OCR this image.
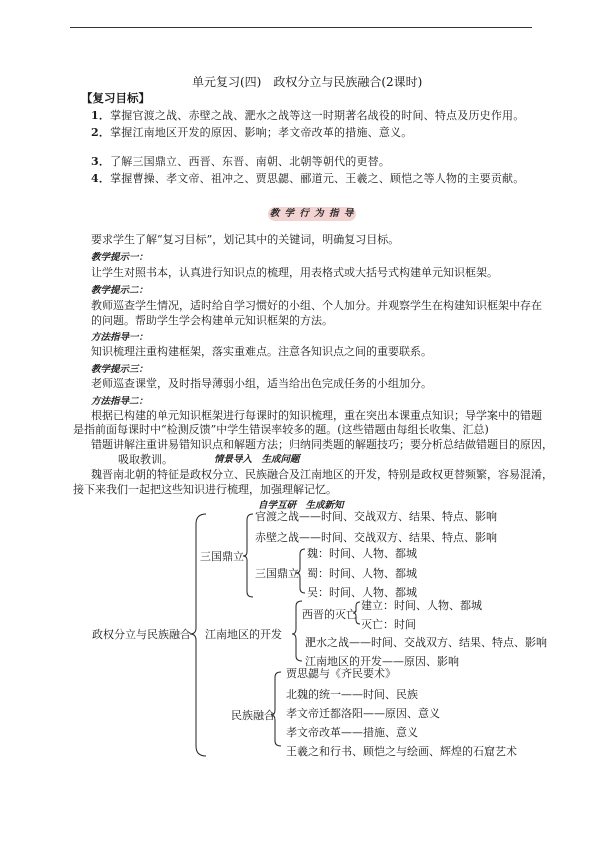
单元复习(四)　政权分立与民族融合(2课时)
【复习目标】
1．掌握官渡之战、赤壁之战、淝水之战等这一时期著名战役的时间、特点及历史作用。
2．掌握江南地区开发的原因、影响；孝文帝改革的措施、意义。
3．了解三国鼎立、西晋、东晋、南朝、北朝等朝代的更替。
4．掌握曹操、孝文帝、祖冲之、贾思勰、郦道元、王羲之、顾恺之等人物的主要贡献。
教 学 行 为 指 导
要求学生了解“复习目标”，划记其中的关键词，明确复习目标。
教学提示一：
让学生对照书本，认真进行知识点的梳理，用表格式或大括号式构建单元知识框架。
教学提示二：
教师巡查学生情况，适时给自学习惯好的小组、个人加分。并观察学生在构建知识框架中存在
的问题。帮助学生学会构建单元知识框架的方法。
方法指导一：
知识梳理注重构建框架，落实重难点。注意各知识点之间的重要联系。
教学提示三：
老师巡查课堂，及时指导薄弱小组，适当给出色完成任务的小组加分。
方法指导二：
根据已构建的单元知识框架进行每课时的知识梳理，重在突出本课重点知识；导学案中的错题
是指前面每课时中“检测反馈”中学生错误率较多的题。(这些错题由每组长收集、汇总)
错题讲解注重讲易错知识点和解题方法；归纳同类题的解题技巧；要分析总结做错题目的原因，
吸取教训。	情景导入　生成问题
魏晋南北朝的特征是政权分立、民族融合及江南地区的开发，特别是政权更替频繁，容易混淆，
接下来我们一起把这些知识进行梳理，加强理解记忆。
自学互研　生成新知
政权分立与民族融合
三国鼎立
官渡之战——时间、交战双方、结果、特点、影响
赤壁之战——时间、交战双方、结果、特点、影响
三国鼎立
魏：时间、人物、都城
蜀：时间、人物、都城
吴：时间、人物、都城
江南地区的开发
西晋的灭亡
建立：时间、人物、都城
灭亡：时间
淝水之战——时间、交战双方、结果、特点、影响
江南地区的开发——原因、影响
民族融合
贾思勰与《齐民要术》
北魏的统一——时间、民族
孝文帝迁都洛阳——原因、意义
孝文帝改革——措施、意义
王羲之和行书、顾恺之与绘画、辉煌的石窟艺术
